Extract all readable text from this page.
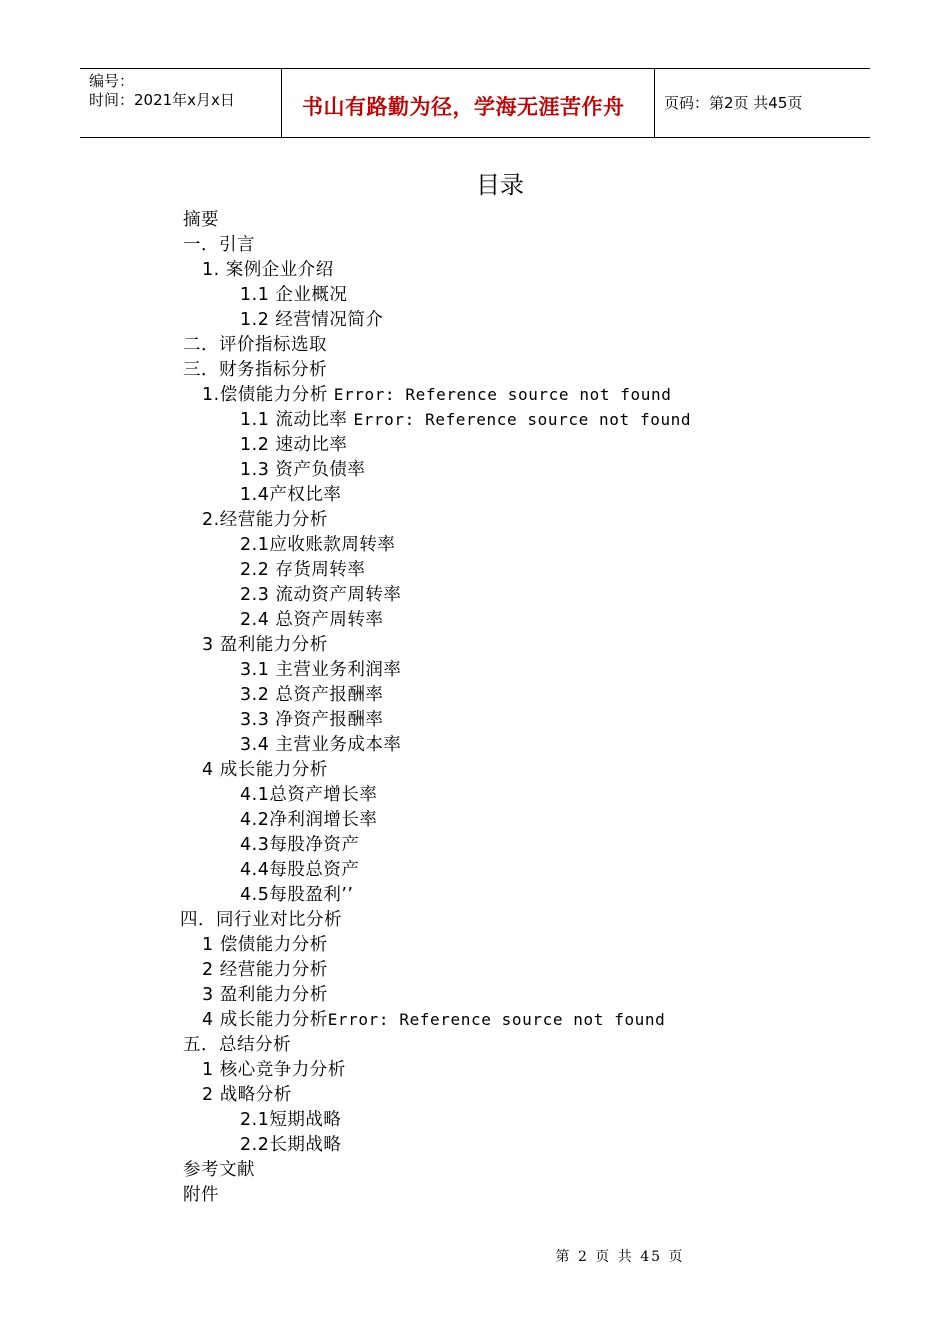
编号：
时间：2021年x月x日	书山有路勤为径，学海无涯苦作舟	页码：第2页 共45页
目录
摘要
一．引言
1. 案例企业介绍
1.1 企业概况
1.2 经营情况简介
二．评价指标选取
三．财务指标分析
1.偿债能力分析 Error: Reference source not found
1.1 流动比率 Error: Reference source not found
1.2 速动比率
1.3 资产负债率
1.4产权比率
2.经营能力分析
2.1应收账款周转率
2.2 存货周转率
2.3 流动资产周转率
2.4 总资产周转率
3 盈利能力分析
3.1 主营业务利润率
3.2 总资产报酬率
3.3 净资产报酬率
3.4 主营业务成本率
4 成长能力分析
4.1总资产增长率
4.2净利润增长率
4.3每股净资产
4.4每股总资产
4.5每股盈利’’
四．同行业对比分析
1 偿债能力分析
2 经营能力分析
3 盈利能力分析
4 成长能力分析Error: Reference source not found
五．总结分析
1 核心竞争力分析
2 战略分析
2.1短期战略
2.2长期战略
参考文献
附件
第 2 页 共 45 页
